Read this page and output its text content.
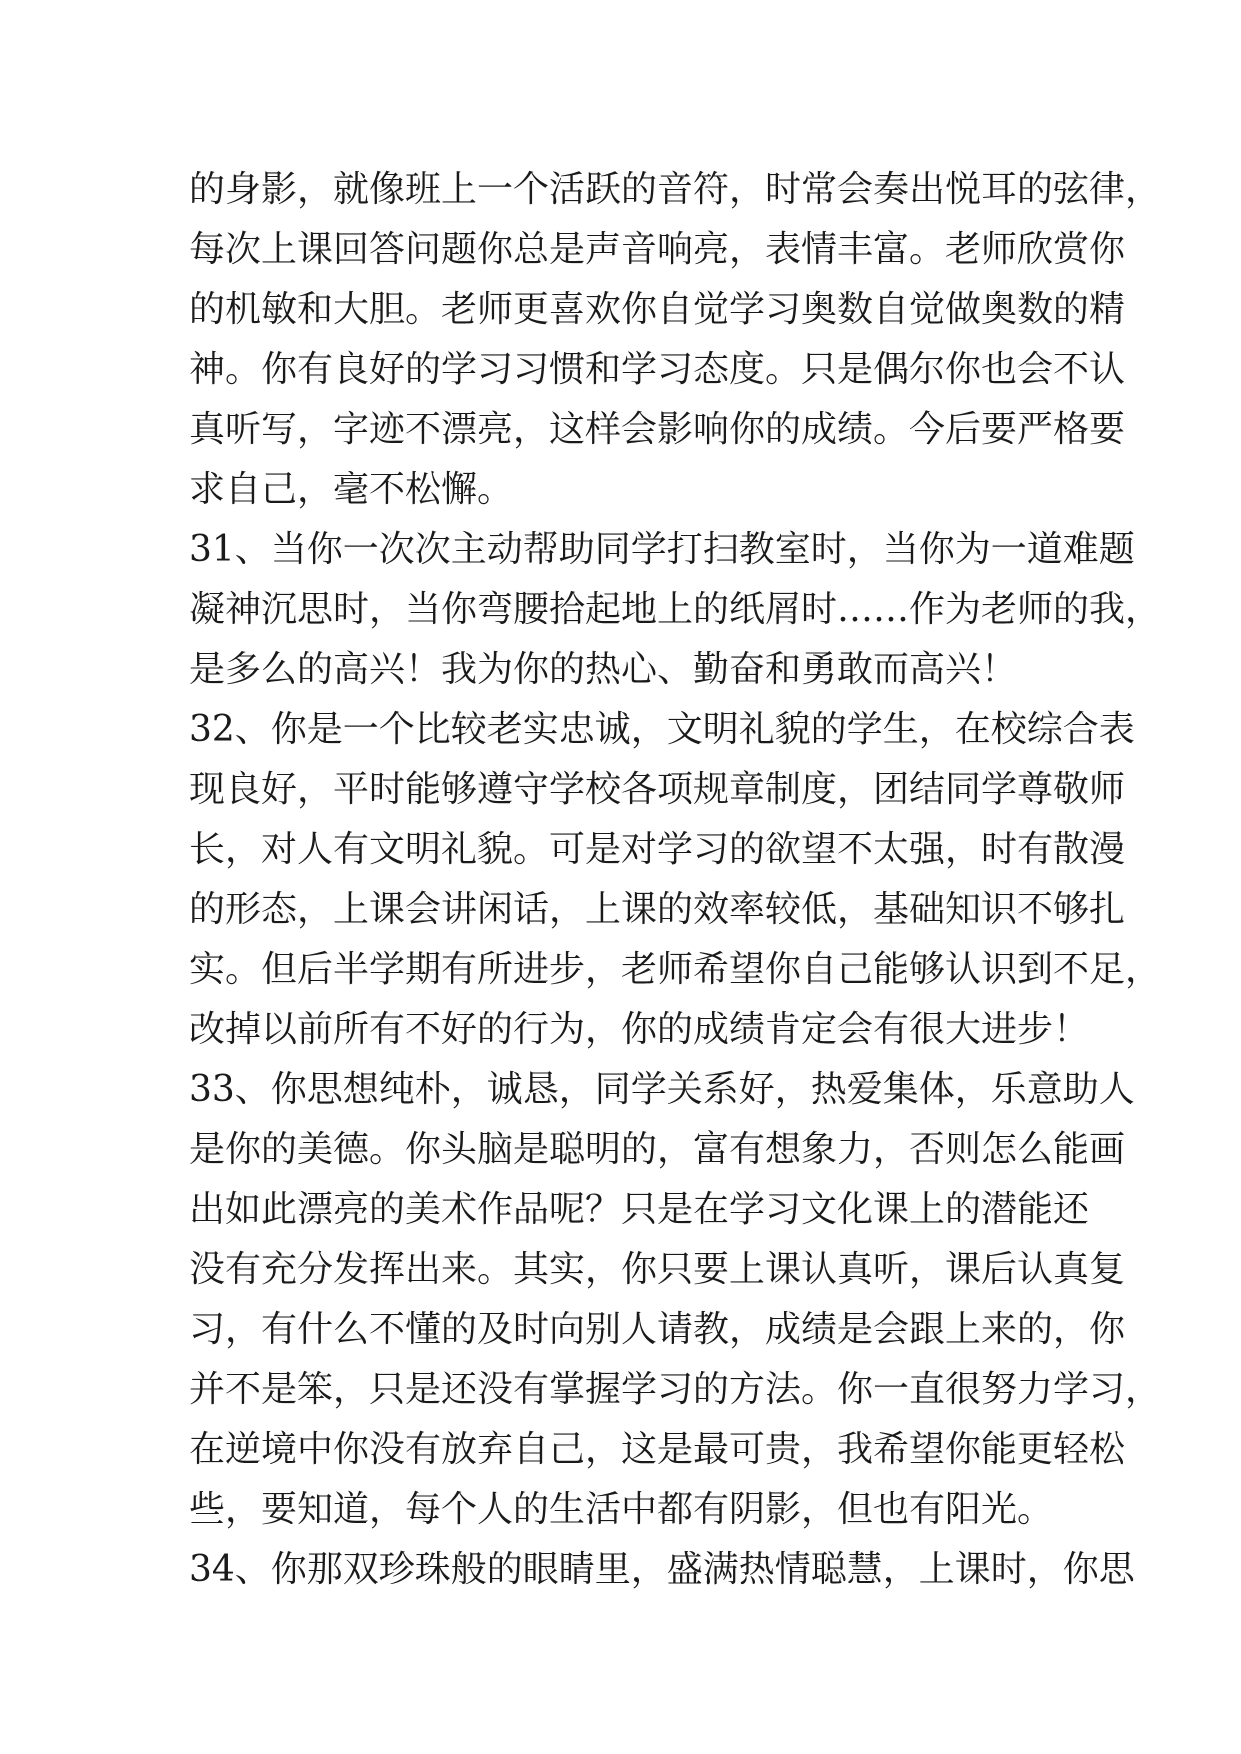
的身影，就像班上一个活跃的音符，时常会奏出悦耳的弦律，
每次上课回答问题你总是声音响亮，表情丰富。老师欣赏你
的机敏和大胆。老师更喜欢你自觉学习奥数自觉做奥数的精
神。你有良好的学习习惯和学习态度。只是偶尔你也会不认
真听写，字迹不漂亮，这样会影响你的成绩。今后要严格要
求自己，毫不松懈。
31、当你一次次主动帮助同学打扫教室时，当你为一道难题
凝神沉思时，当你弯腰拾起地上的纸屑时……作为老师的我，
是多么的高兴！我为你的热心、勤奋和勇敢而高兴！
32、你是一个比较老实忠诚，文明礼貌的学生，在校综合表
现良好，平时能够遵守学校各项规章制度，团结同学尊敬师
长，对人有文明礼貌。可是对学习的欲望不太强，时有散漫
的形态，上课会讲闲话，上课的效率较低，基础知识不够扎
实。但后半学期有所进步，老师希望你自己能够认识到不足，
改掉以前所有不好的行为，你的成绩肯定会有很大进步！
33、你思想纯朴，诚恳，同学关系好，热爱集体，乐意助人
是你的美德。你头脑是聪明的，富有想象力，否则怎么能画
出如此漂亮的美术作品呢？只是在学习文化课上的潜能还
没有充分发挥出来。其实，你只要上课认真听，课后认真复
习，有什么不懂的及时向别人请教，成绩是会跟上来的，你
并不是笨，只是还没有掌握学习的方法。你一直很努力学习，
在逆境中你没有放弃自己，这是最可贵，我希望你能更轻松
些，要知道，每个人的生活中都有阴影，但也有阳光。
34、你那双珍珠般的眼睛里，盛满热情聪慧，上课时，你思
